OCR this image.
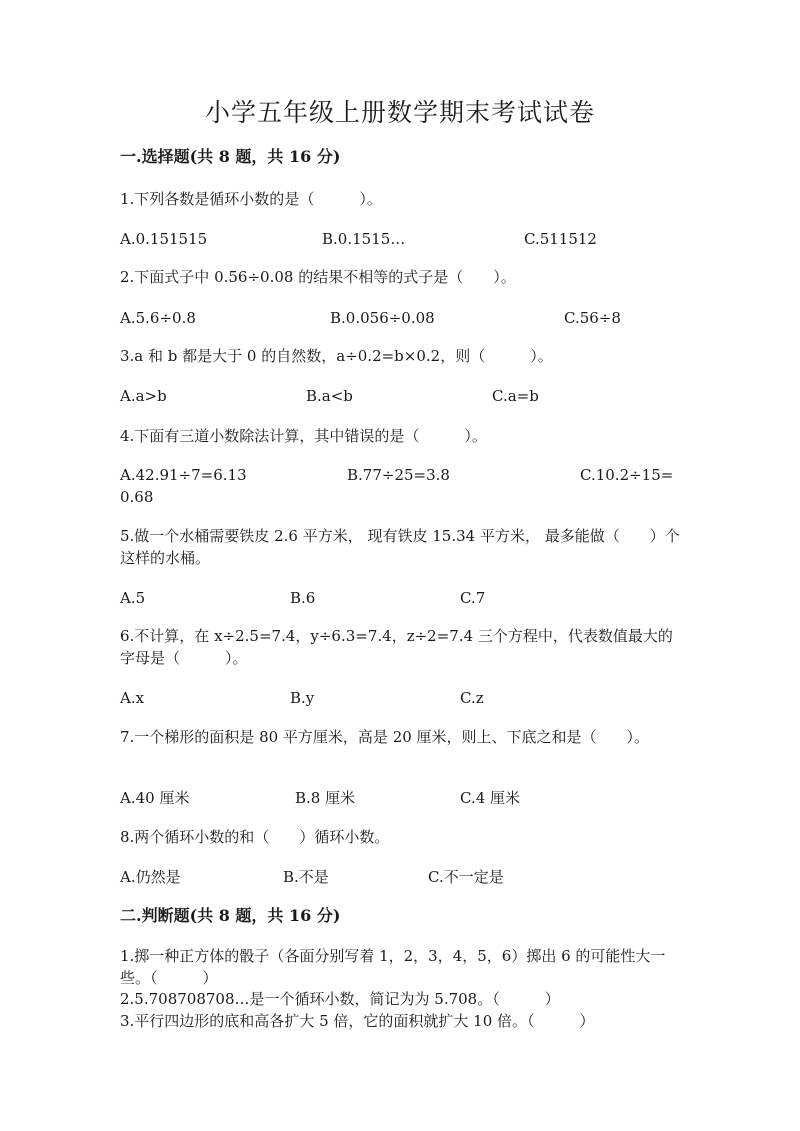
小学五年级上册数学期末考试试卷
一.选择题(共 8 题，共 16 分)
1.下列各数是循环小数的是（　　　）。
A.0.151515	B.0.1515…	C.511512
2.下面式子中 0.56÷0.08 的结果不相等的式子是（　　）。
A.5.6÷0.8	B.0.056÷0.08	C.56÷8
3.a 和 b 都是大于 0 的自然数，a÷0.2=b×0.2，则（　　　）。
A.a>b	B.a<b	C.a=b
4.下面有三道小数除法计算，其中错误的是（　　　）。
A.42.91÷7=6.13	B.77÷25=3.8	C.10.2÷15=
0.68
5.做一个水桶需要铁皮 2.6 平方米， 现有铁皮 15.34 平方米， 最多能做（　　）个这样的水桶。
A.5	B.6	C.7
6.不计算，在 x÷2.5=7.4，y÷6.3=7.4，z÷2=7.4 三个方程中，代表数值最大的字母是（　　　）。
A.x	B.y	C.z
7.一个梯形的面积是 80 平方厘米，高是 20 厘米，则上、下底之和是（　　）。
A.40 厘米	B.8 厘米	C.4 厘米
8.两个循环小数的和（　　）循环小数。
A.仍然是	B.不是	C.不一定是
二.判断题(共 8 题，共 16 分)
1.掷一种正方体的骰子（各面分别写着 1，2，3，4，5，6）掷出 6 的可能性大一些。（　　　）
2.5.708708708…是一个循环小数，简记为为 5.708。（　　　）
3.平行四边形的底和高各扩大 5 倍，它的面积就扩大 10 倍。（　　　）
